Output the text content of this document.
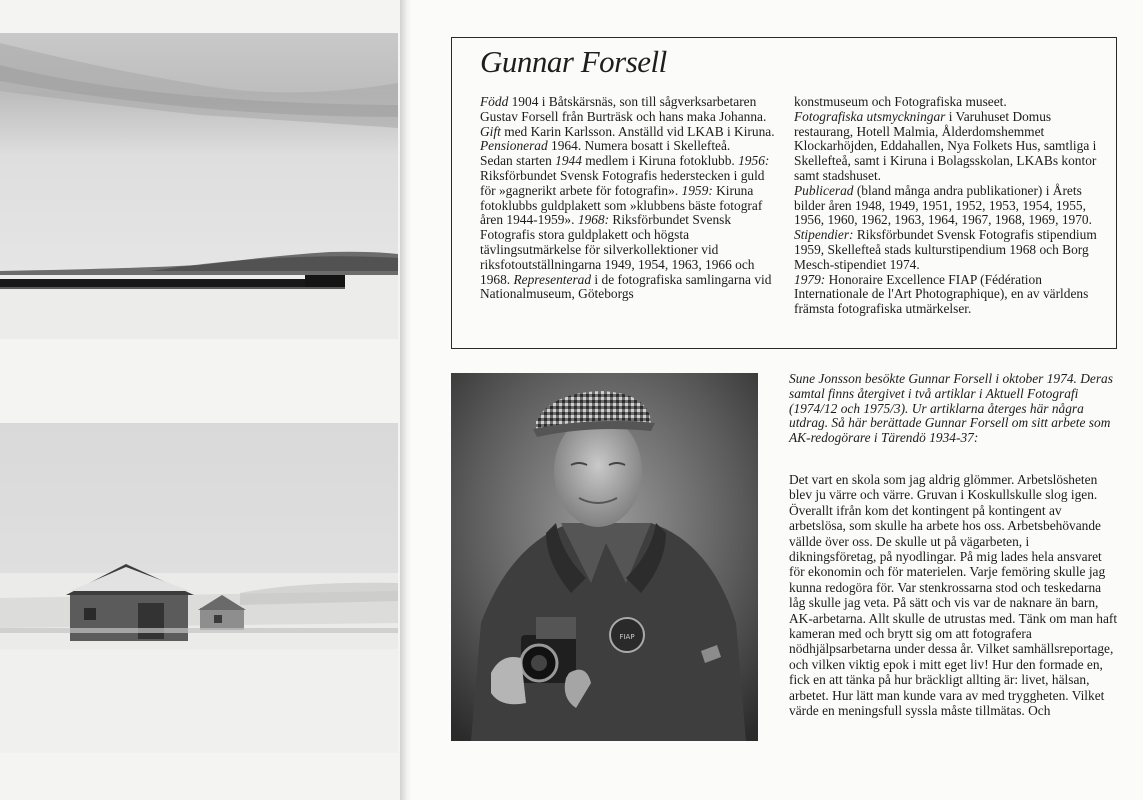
Gunnar Forsell

Född 1904 i Båtskärsnäs, son till sågverksarbetaren Gustav Forsell från Burträsk och hans maka Johanna. Gift med Karin Karlsson. Anställd vid LKAB i Kiruna. Pensionerad 1964. Numera bosatt i Skellefteå.

Sedan starten 1944 medlem i Kiruna fotoklubb. 1956: Riksförbundet Svensk Fotografis hederstecken i guld för »gagnerikt arbete för fotografin». 1959: Kiruna fotoklubbs guldplakett som »klubbens bäste fotograf åren 1944-1959». 1968: Riksförbundet Svensk Fotografis stora guldplakett och högsta tävlingsutmärkelse för silverkollektioner vid riksfotoutställningarna 1949, 1954, 1963, 1966 och 1968. Representerad i de fotografiska samlingarna vid Nationalmuseum, Göteborgs

konstmuseum och Fotografiska museet.

Fotografiska utsmyckningar i Varuhuset Domus restaurang, Hotell Malmia, Ålderdomshemmet Klockarhöjden, Eddahallen, Nya Folkets Hus, samtliga i Skellefteå, samt i Kiruna i Bolagsskolan, LKABs kontor samt stadshuset.

Publicerad (bland många andra publikationer) i Årets bilder åren 1948, 1949, 1951, 1952, 1953, 1954, 1955, 1956, 1960, 1962, 1963, 1964, 1967, 1968, 1969, 1970.

Stipendier: Riksförbundet Svensk Fotografis stipendium 1959, Skellefteå stads kulturstipendium 1968 och Borg Mesch-stipendiet 1974.

1979: Honoraire Excellence FIAP (Fédération Internationale de l'Art Photographique), en av världens främsta fotografiska utmärkelser.

FIAP

Sune Jonsson besökte Gunnar Forsell i oktober 1974. Deras samtal finns återgivet i två artiklar i Aktuell Fotografi (1974/12 och 1975/3). Ur artiklarna återges här några utdrag. Så här berättade Gunnar Forsell om sitt arbete som AK-redogörare i Tärendö 1934-37:

Det vart en skola som jag aldrig glömmer. Arbetslösheten blev ju värre och värre. Gruvan i Koskullskulle slog igen. Överallt ifrån kom det kontingent på kontingent av arbetslösa, som skulle ha arbete hos oss. Arbetsbehövande vällde över oss. De skulle ut på vägarbeten, i dikningsföretag, på nyodlingar. På mig lades hela ansvaret för ekonomin och för materielen. Varje femöring skulle jag kunna redogöra för. Var stenkrossarna stod och teskedarna låg skulle jag veta. På sätt och vis var de naknare än barn, AK-arbetarna. Allt skulle de utrustas med. Tänk om man haft kameran med och brytt sig om att fotografera nödhjälpsarbetarna under dessa år. Vilket samhällsreportage, och vilken viktig epok i mitt eget liv! Hur den formade en, fick en att tänka på hur bräckligt allting är: livet, hälsan, arbetet. Hur lätt man kunde vara av med tryggheten. Vilket värde en meningsfull syssla måste tillmätas. Och
